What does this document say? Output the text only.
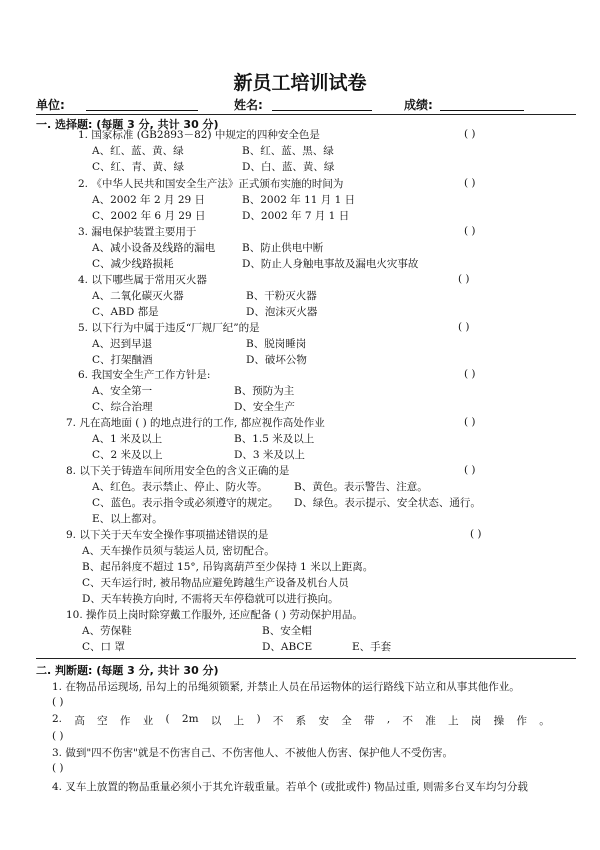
新员工培训试卷
单位:	姓名:	成绩:
一. 选择题: (每题 3 分, 共计 30 分)
1. 国家标准 (GB2893－82) 中规定的四种安全色是	( )
A、红、蓝、黄、绿	B、红、蓝、黑、绿
C、红、青、黄、绿	D、白、蓝、黄、绿
2. 《中华人民共和国安全生产法》正式颁布实施的时间为	( )
A、2002 年 2 月 29 日	B、2002 年 11 月 1 日
C、2002 年 6 月 29 日	D、2002 年 7 月 1 日
3. 漏电保护装置主要用于	( )
A、减小设备及线路的漏电	B、防止供电中断
C、减少线路损耗	D、防止人身触电事故及漏电火灾事故
4. 以下哪些属于常用灭火器	( )
A、二氧化碳灭火器	B、干粉灭火器
C、ABD 都是	D、泡沫灭火器
5. 以下行为中属于违反“厂规厂纪”的是	( )
A、迟到早退	B、脱岗睡岗
C、打架酗酒	D、破坏公物
6. 我国安全生产工作方针是:	( )
A、安全第一	B、预防为主
C、综合治理	D、安全生产
7. 凡在高地面 ( ) 的地点进行的工作, 都应视作高处作业	( )
A、1 米及以上	B、1.5 米及以上
C、2 米及以上	D、3 米及以上
8. 以下关于铸造车间所用安全色的含义正确的是	( )
A、红色。表示禁止、停止、防火等。	B、黄色。表示警告、注意。
C、蓝色。表示指令或必须遵守的规定。 D、绿色。表示提示、安全状态、通行。
E、以上都对。
9. 以下关于天车安全操作事项描述错误的是	( )
A、天车操作员须与装运人员, 密切配合。
B、起吊斜度不超过 15°, 吊钩离葫芦至少保持 1 米以上距离。
C、天车运行时, 被吊物品应避免跨越生产设备及机台人员
D、天车转换方向时, 不需将天车停稳就可以进行换向。
10. 操作员上岗时除穿戴工作服外, 还应配备 ( ) 劳动保护用品。
A、劳保鞋	B、安全帽
C、口 罩	D、ABCE	E、手套
二. 判断题: (每题 3 分, 共计 30 分)
1. 在物品吊运现场, 吊勾上的吊绳须锁紧, 并禁止人员在吊运物体的运行路线下站立和从事其他作业。
( )
2. 高 空 作 业 ( 2m 以 上 ) 不 系 安 全 带 , 不 准 上 岗 操 作 。
( )
3. 做到"四不伤害"就是不伤害自己、不伤害他人、不被他人伤害、保护他人不受伤害。
( )
4. 叉车上放置的物品重量必须小于其允许载重量。若单个 (或批或件) 物品过重, 则需多台叉车均匀分载
